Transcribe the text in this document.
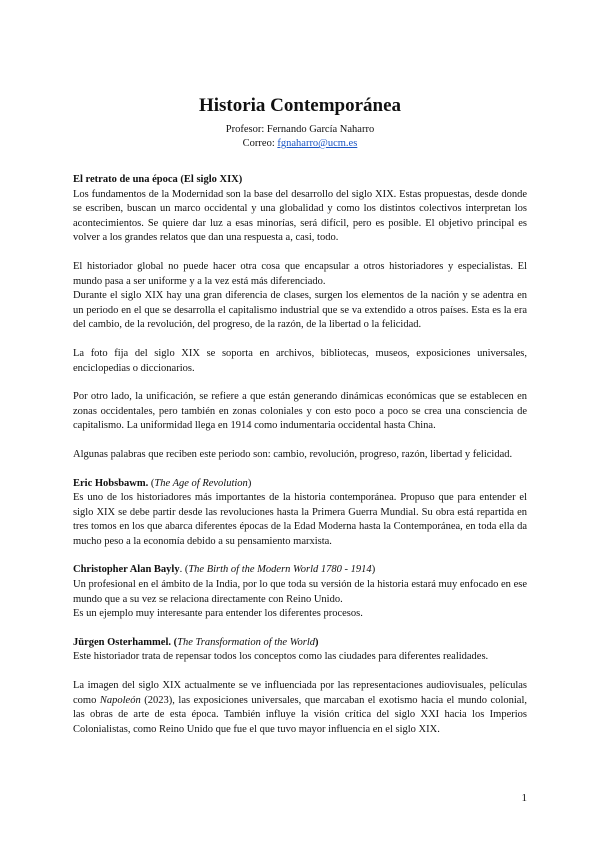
Historia Contemporánea
Profesor: Fernando García Naharro
Correo: fgnaharro@ucm.es

El retrato de una época (El siglo XIX)

Los fundamentos de la Modernidad son la base del desarrollo del siglo XIX. Estas propuestas, desde donde se escriben, buscan un marco occidental y una globalidad y como los distintos colectivos interpretan los acontecimientos. Se quiere dar luz a esas minorías, será difícil, pero es posible. El objetivo principal es volver a los grandes relatos que dan una respuesta a, casi, todo.

El historiador global no puede hacer otra cosa que encapsular a otros historiadores y especialistas. El mundo pasa a ser uniforme y a la vez está más diferenciado.

Durante el siglo XIX hay una gran diferencia de clases, surgen los elementos de la nación y se adentra en un periodo en el que se desarrolla el capitalismo industrial que se va extendido a otros países. Esta es la era del cambio, de la revolución, del progreso, de la razón, de la libertad o la felicidad.

La foto fija del siglo XIX se soporta en archivos, bibliotecas, museos, exposiciones universales, enciclopedias o diccionarios.

Por otro lado, la unificación, se refiere a que están generando dinámicas económicas que se establecen en zonas occidentales, pero también en zonas coloniales y con esto poco a poco se crea una consciencia de capitalismo. La uniformidad llega en 1914 como indumentaria occidental hasta China.

Algunas palabras que reciben este periodo son: cambio, revolución, progreso, razón, libertad y felicidad.

Eric Hobsbawm. (The Age of Revolution)

Es uno de los historiadores más importantes de la historia contemporánea. Propuso que para entender el siglo XIX se debe partir desde las revoluciones hasta la Primera Guerra Mundial. Su obra está repartida en tres tomos en los que abarca diferentes épocas de la Edad Moderna hasta la Contemporánea, en toda ella da mucho peso a la economía debido a su pensamiento marxista.

Christopher Alan Bayly. (The Birth of the Modern World 1780 - 1914)

Un profesional en el ámbito de la India, por lo que toda su versión de la historia estará muy enfocado en ese mundo que a su vez se relaciona directamente con Reino Unido.

Es un ejemplo muy interesante para entender los diferentes procesos.

Jürgen Osterhammel. (The Transformation of the World)

Este historiador trata de repensar todos los conceptos como las ciudades para diferentes realidades.

La imagen del siglo XIX actualmente se ve influenciada por las representaciones audiovisuales, películas como Napoleón (2023), las exposiciones universales, que marcaban el exotismo hacia el mundo colonial, las obras de arte de esta época. También influye la visión crítica del siglo XXI hacia los Imperios Colonialistas, como Reino Unido que fue el que tuvo mayor influencia en el siglo XIX.

1
